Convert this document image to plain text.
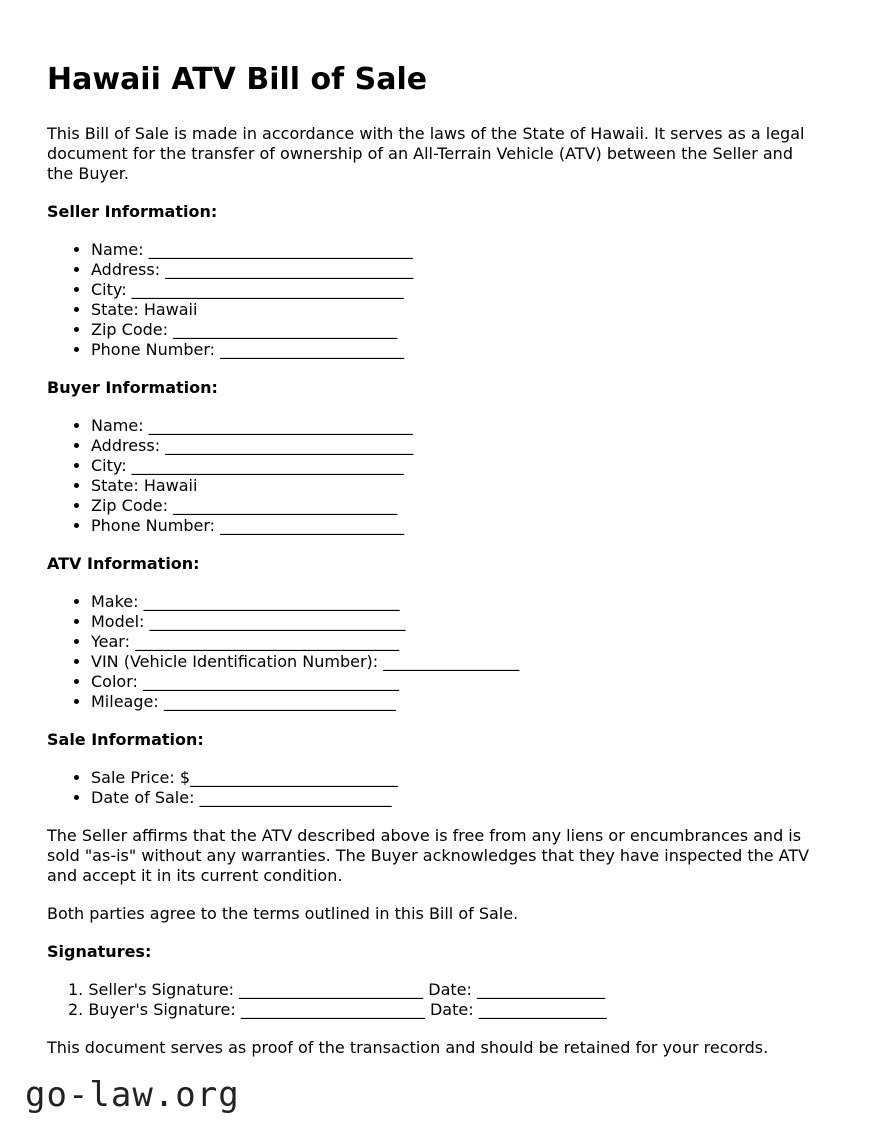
Hawaii ATV Bill of Sale

This Bill of Sale is made in accordance with the laws of the State of Hawaii. It serves as a legal document for the transfer of ownership of an All-Terrain Vehicle (ATV) between the Seller and the Buyer.

Seller Information:
• Name: _________________________________
• Address: _______________________________
• City: __________________________________
• State: Hawaii
• Zip Code: ____________________________
• Phone Number: _______________________
Buyer Information:
• Name: _________________________________
• Address: _______________________________
• City: __________________________________
• State: Hawaii
• Zip Code: ____________________________
• Phone Number: _______________________
ATV Information:
• Make: ________________________________
• Model: ________________________________
• Year: _________________________________
• VIN (Vehicle Identification Number): _________________
• Color: ________________________________
• Mileage: _____________________________
Sale Information:
• Sale Price: $__________________________
• Date of Sale: ________________________

The Seller affirms that the ATV described above is free from any liens or encumbrances and is sold "as-is" without any warranties. The Buyer acknowledges that they have inspected the ATV and accept it in its current condition.

Both parties agree to the terms outlined in this Bill of Sale.

Signatures:
1. Seller's Signature: _______________________ Date: ________________
2. Buyer's Signature: _______________________ Date: ________________

This document serves as proof of the transaction and should be retained for your records.

go-law.org
